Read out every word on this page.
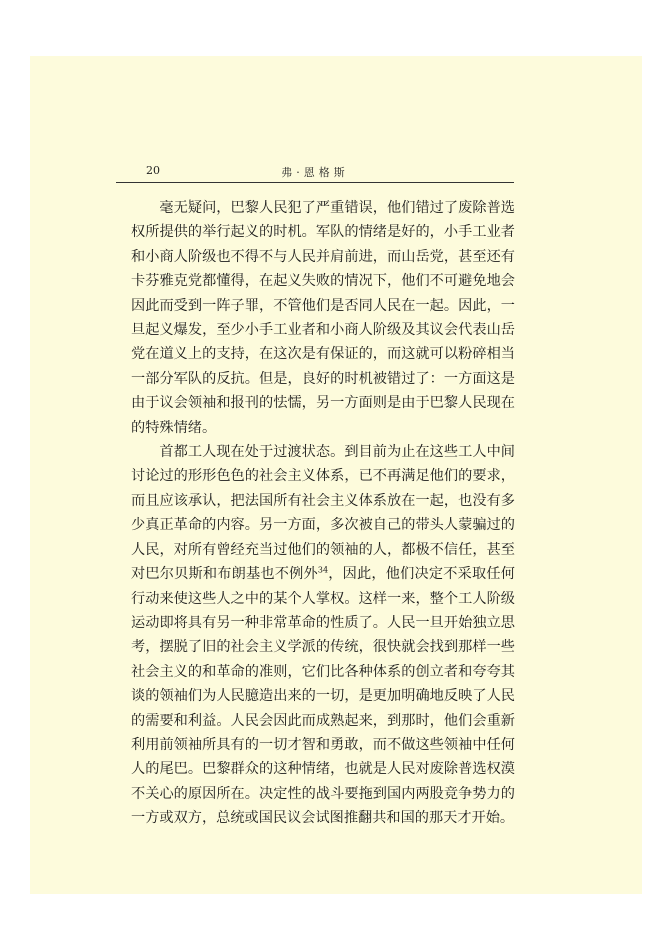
20	弗·恩格斯

毫无疑问，巴黎人民犯了严重错误，他们错过了废除普选权所提供的举行起义的时机。军队的情绪是好的，小手工业者和小商人阶级也不得不与人民并肩前进，而山岳党，甚至还有卡芬雅克党都懂得，在起义失败的情况下，他们不可避免地会因此而受到一阵子罪，不管他们是否同人民在一起。因此，一旦起义爆发，至少小手工业者和小商人阶级及其议会代表山岳党在道义上的支持，在这次是有保证的，而这就可以粉碎相当一部分军队的反抗。但是，良好的时机被错过了：一方面这是由于议会领袖和报刊的怯懦，另一方面则是由于巴黎人民现在的特殊情绪。

首都工人现在处于过渡状态。到目前为止在这些工人中间讨论过的形形色色的社会主义体系，已不再满足他们的要求，而且应该承认，把法国所有社会主义体系放在一起，也没有多少真正革命的内容。另一方面，多次被自己的带头人蒙骗过的人民，对所有曾经充当过他们的领袖的人，都极不信任，甚至对巴尔贝斯和布朗基也不例外$^{34}$，因此，他们决定不采取任何行动来使这些人之中的某个人掌权。这样一来，整个工人阶级运动即将具有另一种非常革命的性质了。人民一旦开始独立思考，摆脱了旧的社会主义学派的传统，很快就会找到那样一些社会主义的和革命的准则，它们比各种体系的创立者和夸夸其谈的领袖们为人民臆造出来的一切，是更加明确地反映了人民的需要和利益。人民会因此而成熟起来，到那时，他们会重新利用前领袖所具有的一切才智和勇敢，而不做这些领袖中任何人的尾巴。巴黎群众的这种情绪，也就是人民对废除普选权漠不关心的原因所在。决定性的战斗要拖到国内两股竞争势力的一方或双方，总统或国民议会试图推翻共和国的那天才开始。
